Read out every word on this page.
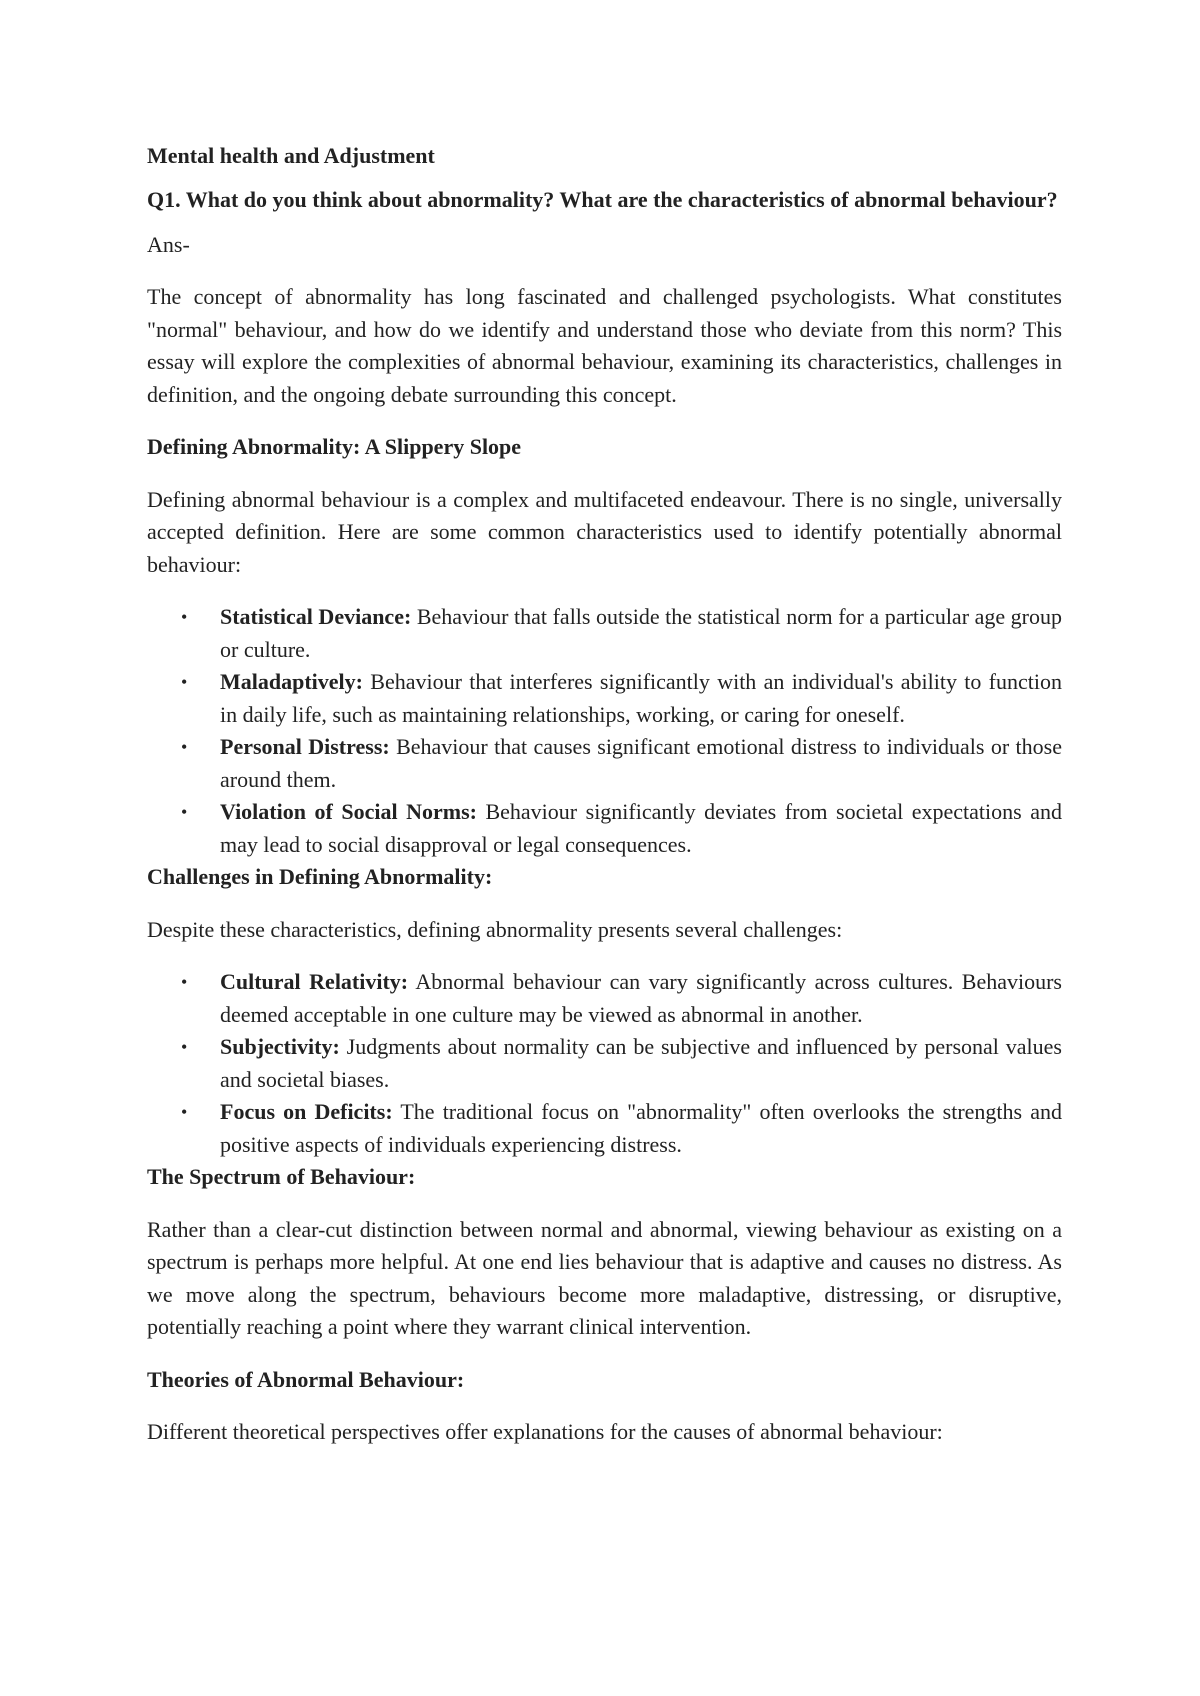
Mental health and Adjustment
Q1. What do you think about abnormality? What are the characteristics of abnormal behaviour?
Ans-

The concept of abnormality has long fascinated and challenged psychologists. What constitutes "normal" behaviour, and how do we identify and understand those who deviate from this norm? This essay will explore the complexities of abnormal behaviour, examining its characteristics, challenges in definition, and the ongoing debate surrounding this concept.

Defining Abnormality: A Slippery Slope

Defining abnormal behaviour is a complex and multifaceted endeavour. There is no single, universally accepted definition. Here are some common characteristics used to identify potentially abnormal behaviour:

• Statistical Deviance: Behaviour that falls outside the statistical norm for a particular age group or culture.
• Maladaptively: Behaviour that interferes significantly with an individual's ability to function in daily life, such as maintaining relationships, working, or caring for oneself.
• Personal Distress: Behaviour that causes significant emotional distress to individuals or those around them.
• Violation of Social Norms: Behaviour significantly deviates from societal expectations and may lead to social disapproval or legal consequences.
Challenges in Defining Abnormality:

Despite these characteristics, defining abnormality presents several challenges:

• Cultural Relativity: Abnormal behaviour can vary significantly across cultures. Behaviours deemed acceptable in one culture may be viewed as abnormal in another.
• Subjectivity: Judgments about normality can be subjective and influenced by personal values and societal biases.
• Focus on Deficits: The traditional focus on "abnormality" often overlooks the strengths and positive aspects of individuals experiencing distress.
The Spectrum of Behaviour:

Rather than a clear-cut distinction between normal and abnormal, viewing behaviour as existing on a spectrum is perhaps more helpful. At one end lies behaviour that is adaptive and causes no distress. As we move along the spectrum, behaviours become more maladaptive, distressing, or disruptive, potentially reaching a point where they warrant clinical intervention.

Theories of Abnormal Behaviour:

Different theoretical perspectives offer explanations for the causes of abnormal behaviour:
